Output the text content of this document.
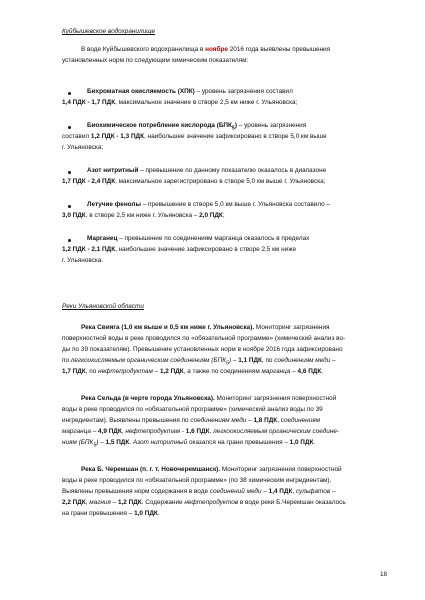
Куйбышевское водохранилище
В воде Куйбышевского водохранилища в ноябре 2016 года выявлены превышения
установленных норм по следующим химическим показателям:
Бихроматная окисляемость (ХПК) – уровень загрязнения составил
1,4 ПДК - 1,7 ПДК, максимальное значение в створе 2,5 км ниже г. Ульяновска;
Биохимическое потребление кислорода $(БПК_5)$ – уровень загрязнения
составил 1,2 ПДК - 1,3 ПДК, наибольшее значение зафиксировано в створе 5,0 км выше
г. Ульяновска;
Азот нитритный – превышение по данному показателю оказалось в диапазоне
1,7 ПДК - 2,4 ПДК, максимальное зарегистрировано в створе 5,0 км выше г. Ульяновска;
Летучие фенолы – превышение в створе 5,0 км выше г. Ульяновска составило –
3,0 ПДК, в створе 2,5 км ниже г. Ульяновска – 2,0 ПДК;
Марганец – превышение по соединениям марганца оказалось в пределах
1,2 ПДК - 2,1 ПДК, наибольшее значение зафиксировано в створе 2,5 км ниже
г. Ульяновска.
Реки Ульяновской области
Река Свияга (1,0 км выше и 0,5 км ниже г. Ульяновска). Мониторинг загрязнения
поверхностной воды в реке проводился по «обязательной программе» (химический анализ во-
ды по 39 показателям). Превышение установленных норм в ноябре 2016 года зафиксировано
по легкоокисляемым органическим соединениям $(БПК_5) - 1,1$ ПДК, по соединениям меди –
1,7 ПДК, по нефтепродуктам – 1,2 ПДК, а также по соединениям марганца – 4,6 ПДК.
Река Сельда (в черте города Ульяновска). Мониторинг загрязнения поверхностной
воды в реке проводился по «обязательной программе» (химический анализ воды по 39
ингредиентам). Выявлены превышения по соединениям меди – 1,8 ПДК, соединениям
марганца – 4,9 ПДК, нефтепродуктам - 1,6 ПДК, легкоокисляемым органическим соедине-
ниям $(БПК_5) - 1,5$ ПДК. Азот нитритный оказался на грани превышения – 1,0 ПДК.
Река Б. Черемшан (п. г. т. Новочеремшанск). Мониторинг загрязнения поверхностной
воды в реке проводился по «обязательной программе» (по 38 химическим ингредиентам).
Выявлены превышения норм содержания в воде соединений меди – 1,4 ПДК, сульфатов –
2,2 ПДК, магния – 1,2 ПДК. Содержание нефтепродуктов в воде реки Б.Черемшан оказалось
на грани превышения – 1,0 ПДК.
18
